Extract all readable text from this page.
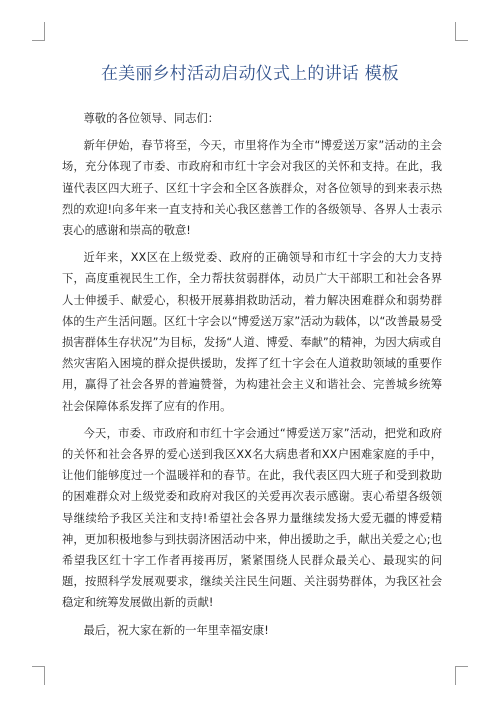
在美丽乡村活动启动仪式上的讲话 模板

尊敬的各位领导、同志们：

新年伊始，春节将至，今天，市里将作为全市“博爱送万家”活动的主会场，充分体现了市委、市政府和市红十字会对我区的关怀和支持。在此，我谨代表区四大班子、区红十字会和全区各族群众，对各位领导的到来表示热烈的欢迎!向多年来一直支持和关心我区慈善工作的各级领导、各界人士表示衷心的感谢和崇高的敬意!

近年来，XX区在上级党委、政府的正确领导和市红十字会的大力支持下，高度重视民生工作，全力帮扶贫弱群体，动员广大干部职工和社会各界人士伸援手、献爱心，积极开展募捐救助活动，着力解决困难群众和弱势群体的生产生活问题。区红十字会以“博爱送万家”活动为载体，以“改善最易受损害群体生存状况”为目标，发扬“人道、博爱、奉献”的精神，为因大病或自然灾害陷入困境的群众提供援助，发挥了红十字会在人道救助领域的重要作用，赢得了社会各界的普遍赞誉，为构建社会主义和谐社会、完善城乡统筹社会保障体系发挥了应有的作用。

今天，市委、市政府和市红十字会通过“博爱送万家”活动，把党和政府的关怀和社会各界的爱心送到我区XX名大病患者和XX户困难家庭的手中，让他们能够度过一个温暖祥和的春节。在此，我代表区四大班子和受到救助的困难群众对上级党委和政府对我区的关爱再次表示感谢。衷心希望各级领导继续给予我区关注和支持!希望社会各界力量继续发扬大爱无疆的博爱精神，更加积极地参与到扶弱济困活动中来，伸出援助之手，献出关爱之心;也希望我区红十字工作者再接再厉，紧紧围绕人民群众最关心、最现实的问题，按照科学发展观要求，继续关注民生问题、关注弱势群体，为我区社会稳定和统筹发展做出新的贡献!

最后，祝大家在新的一年里幸福安康!
